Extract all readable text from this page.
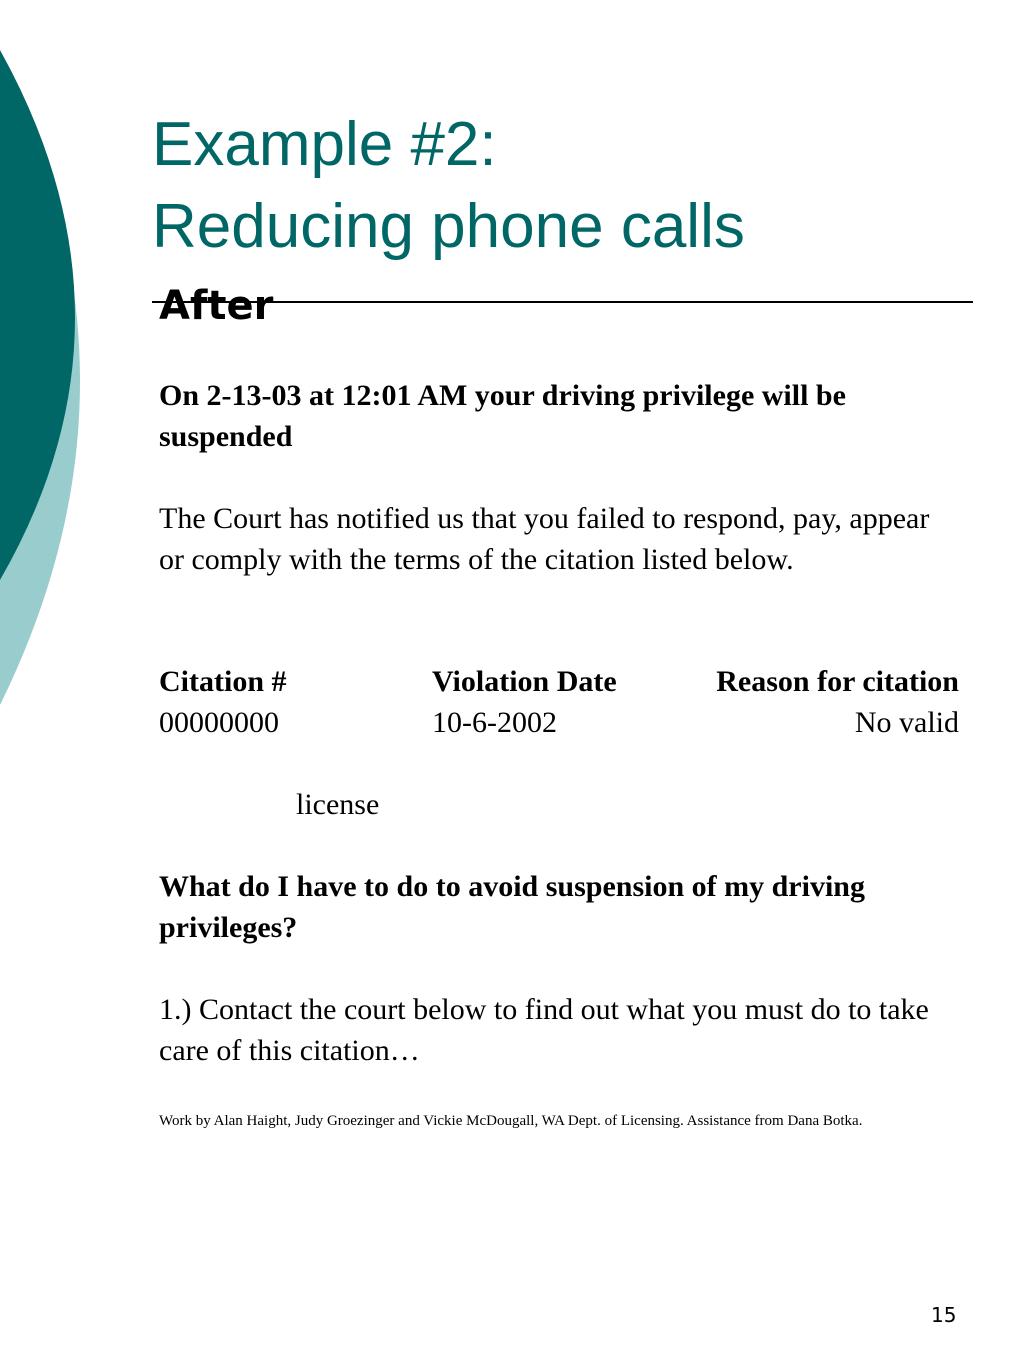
Example #2:
Reducing phone calls
After
On 2-13-03 at 12:01 AM your driving privilege will be suspended
The Court has notified us that you failed to respond, pay, appear or comply with the terms of the citation listed below.
Citation #	Violation Date	Reason for citation
00000000	10-6-2002	No valid
license
What do I have to do to avoid suspension of my driving privileges?
1.) Contact the court below to find out what you must do to take care of this citation…
Work by Alan Haight, Judy Groezinger and Vickie McDougall, WA Dept. of Licensing. Assistance from Dana Botka.
15
